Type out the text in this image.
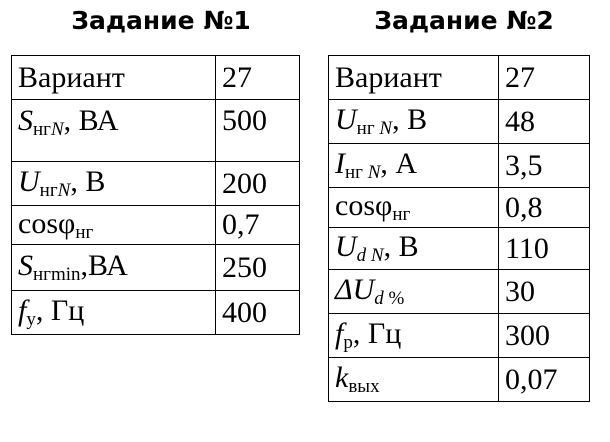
Задание №1	Задание №2
Вариант	27
$S_{нгN}$, ВА	500
$U_{нгN}$, В	200
cosφ$_{нг}$	0,7
$S_{нгmin},ВА$	250
$f_у$, Гц	400
Вариант	27
$U_{нг N}$, В	48
$I_{нг N}$, А	3,5
cosφ$_{нг}$	0,8
$U_{d N}$, В	110
$\Delta U_{d \%}$	30
$f_р$, Гц	300
$k_{вых}$	0,07
